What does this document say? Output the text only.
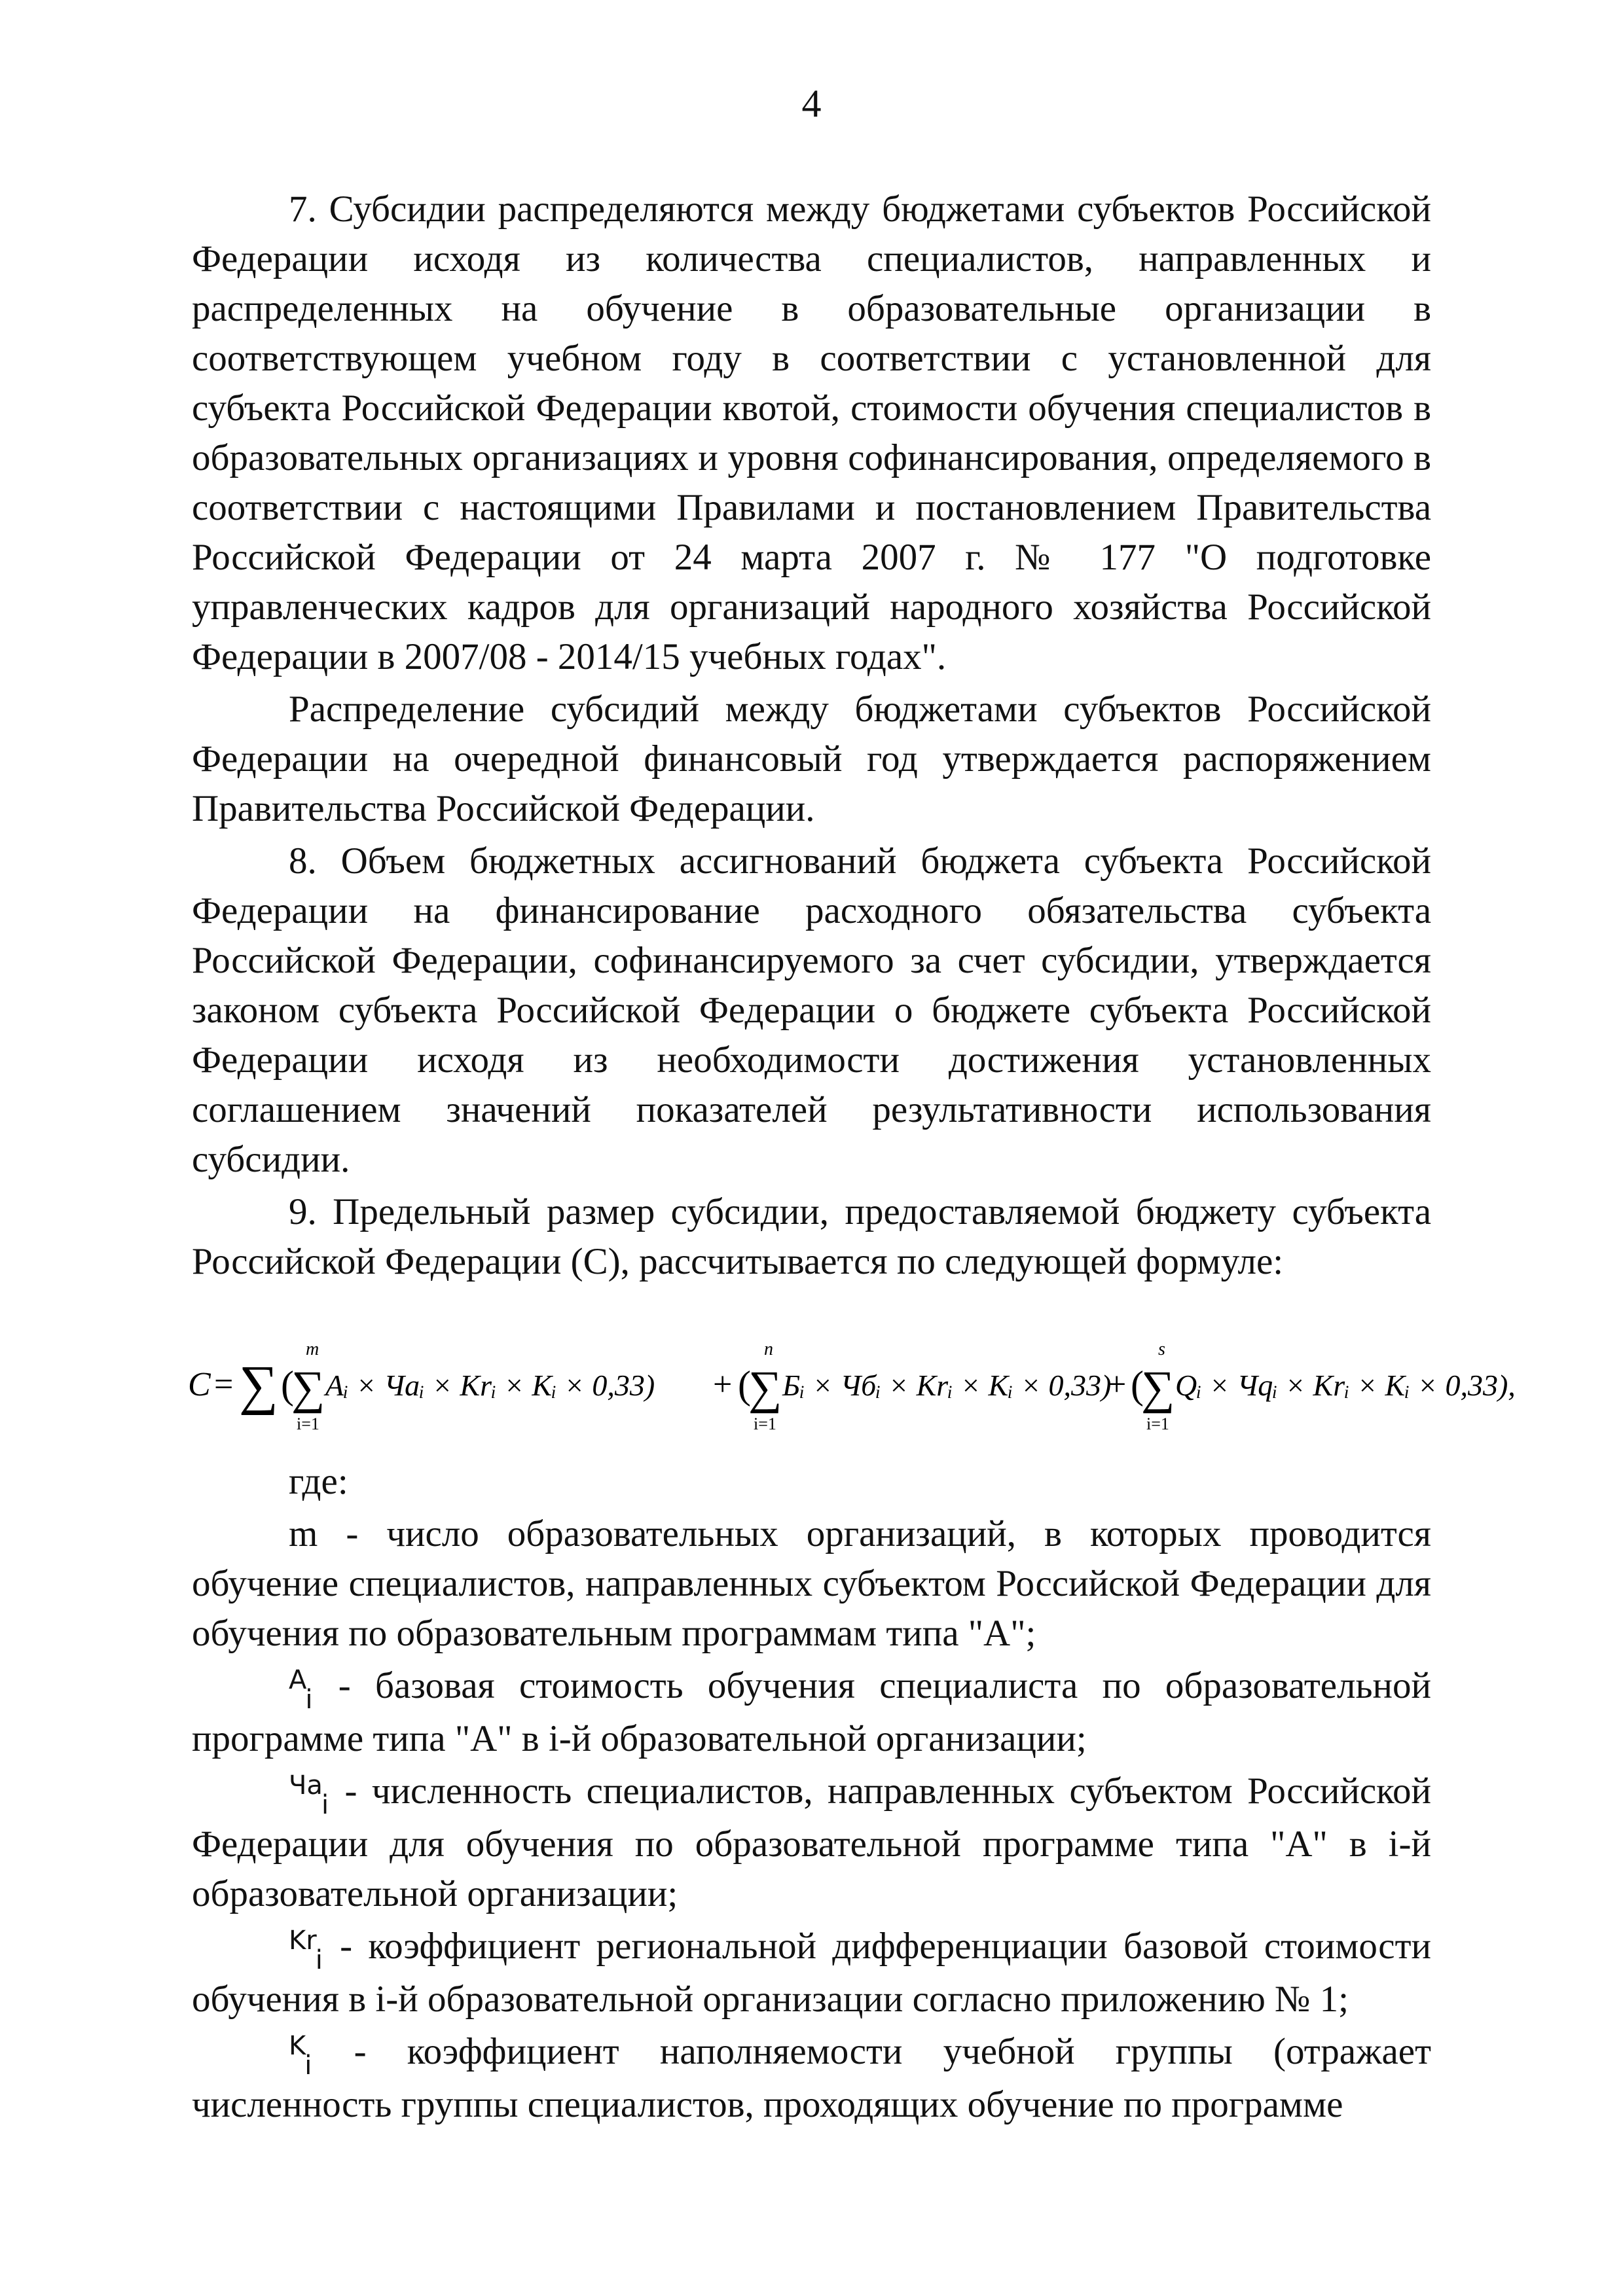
4

7. Субсидии распределяются между бюджетами субъектов Российской Федерации исходя из количества специалистов, направленных и распределенных на обучение в образовательные организации в соответствующем учебном году в соответствии с установленной для субъекта Российской Федерации квотой, стоимости обучения специалистов в образовательных организациях и уровня софинансирования, определяемого в соответствии с настоящими Правилами и постановлением Правительства Российской Федерации от 24 марта 2007 г. № 177 "О подготовке управленческих кадров для организаций народного хозяйства Российской Федерации в 2007/08 - 2014/15 учебных годах".

Распределение субсидий между бюджетами субъектов Российской Федерации на очередной финансовый год утверждается распоряжением Правительства Российской Федерации.

8. Объем бюджетных ассигнований бюджета субъекта Российской Федерации на финансирование расходного обязательства субъекта Российской Федерации, софинансируемого за счет субсидии, утверждается законом субъекта Российской Федерации о бюджете субъекта Российской Федерации исходя из необходимости достижения установленных соглашением значений показателей результативности использования субсидии.

9. Предельный размер субсидии, предоставляемой бюджету субъекта Российской Федерации (C), рассчитывается по следующей формуле:

C = ∑ (
m
∑
i=1
Aᵢ × Чaᵢ × Krᵢ × Kᵢ × 0,33) + (
n
∑
i=1
Бᵢ × Чбᵢ × Krᵢ × Kᵢ × 0,33)
+ (
s
∑
i=1
Qᵢ × Чqᵢ × Krᵢ × Kᵢ × 0,33),

где:

m - число образовательных организаций, в которых проводится обучение специалистов, направленных субъектом Российской Федерации для обучения по образовательным программам типа "A";

$^A_i$ - базовая стоимость обучения специалиста по образовательной программе типа "A" в i-й образовательной организации;

$^{Чa}_i$ - численность специалистов, направленных субъектом Российской Федерации для обучения по образовательной программе типа "A" в i-й образовательной организации;

$^{Kr}_i$ - коэффициент региональной дифференциации базовой стоимости обучения в i-й образовательной организации согласно приложению № 1;

$^K_i$ - коэффициент наполняемости учебной группы (отражает численность группы специалистов, проходящих обучение по программе
